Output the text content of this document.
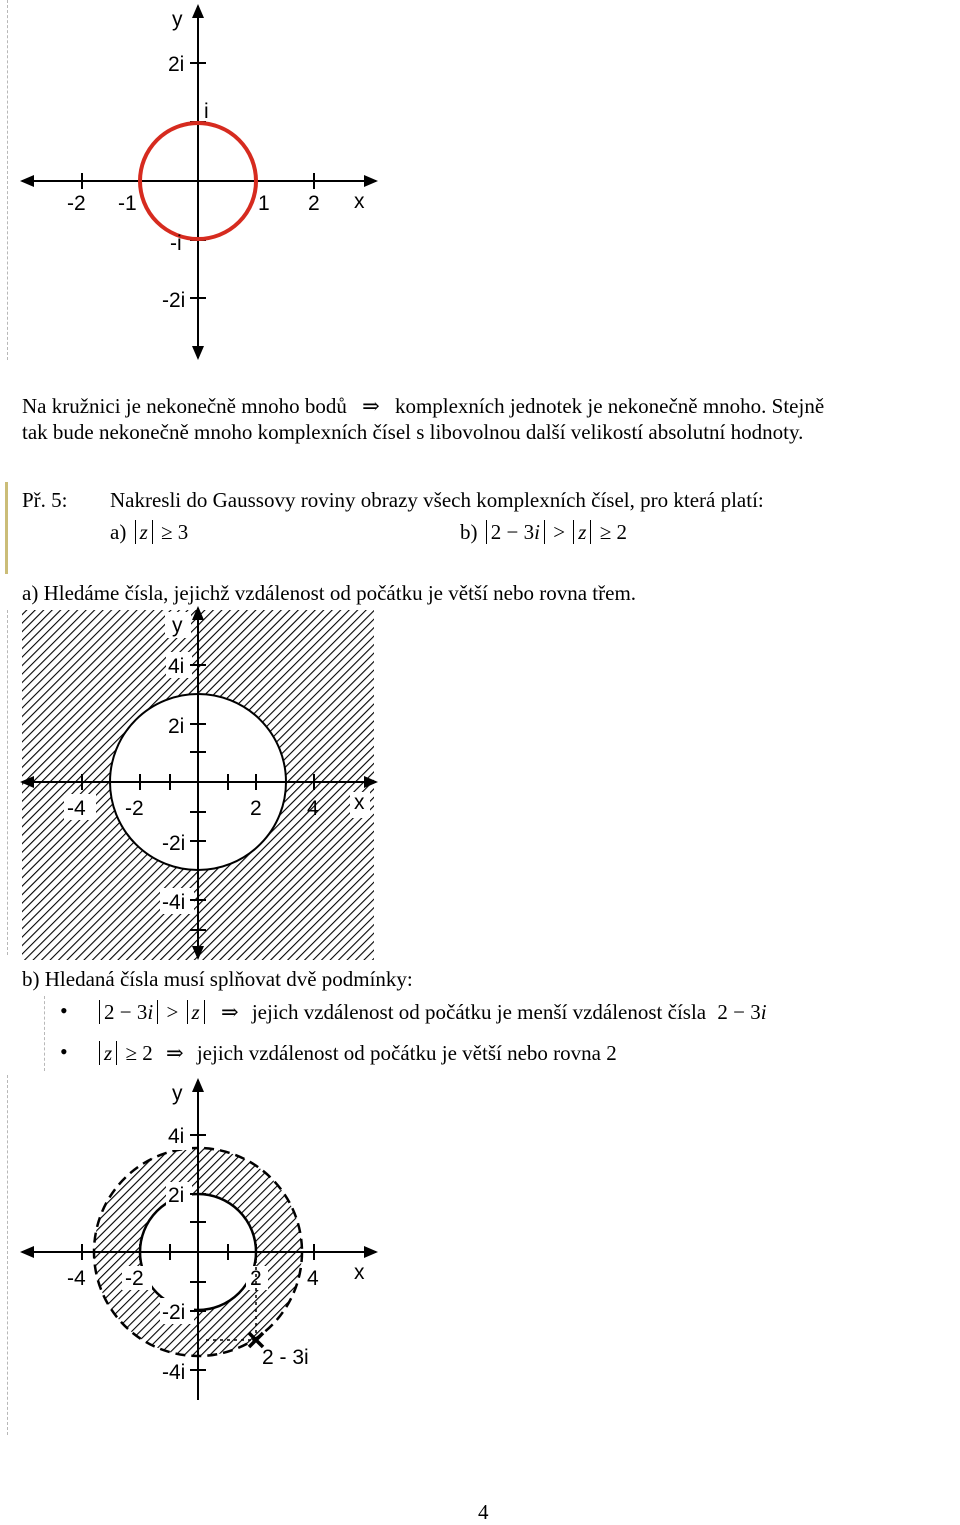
y
x
-2 -1	1 2
2i
i
-i
-2i
Na kružnici je nekonečně mnoho bodů ⇒ komplexních jednotek je nekonečně mnoho. Stejně
tak bude nekonečně mnoho komplexních čísel s libovolnou další velikostí absolutní hodnoty.
Př. 5: Nakresli do Gaussovy roviny obrazy všech komplexních čísel, pro která platí:
a) z ≥ 3	b) 2 − 3i > z ≥ 2
a) Hledáme čísla, jejichž vzdálenost od počátku je větší nebo rovna třem.
y
x
-4 -2	2 4
4i
2i
-2i
-4i
b) Hledaná čísla musí splňovat dvě podmínky:
•	2 − 3i > z ⇒ jejich vzdálenost od počátku je menší vzdálenost čísla 2 − 3i
•	z ≥ 2 ⇒ jejich vzdálenost od počátku je větší nebo rovna 2
2 - 3i
y
x
-4 -2	2 4
4i
2i
-2i
-4i
4
